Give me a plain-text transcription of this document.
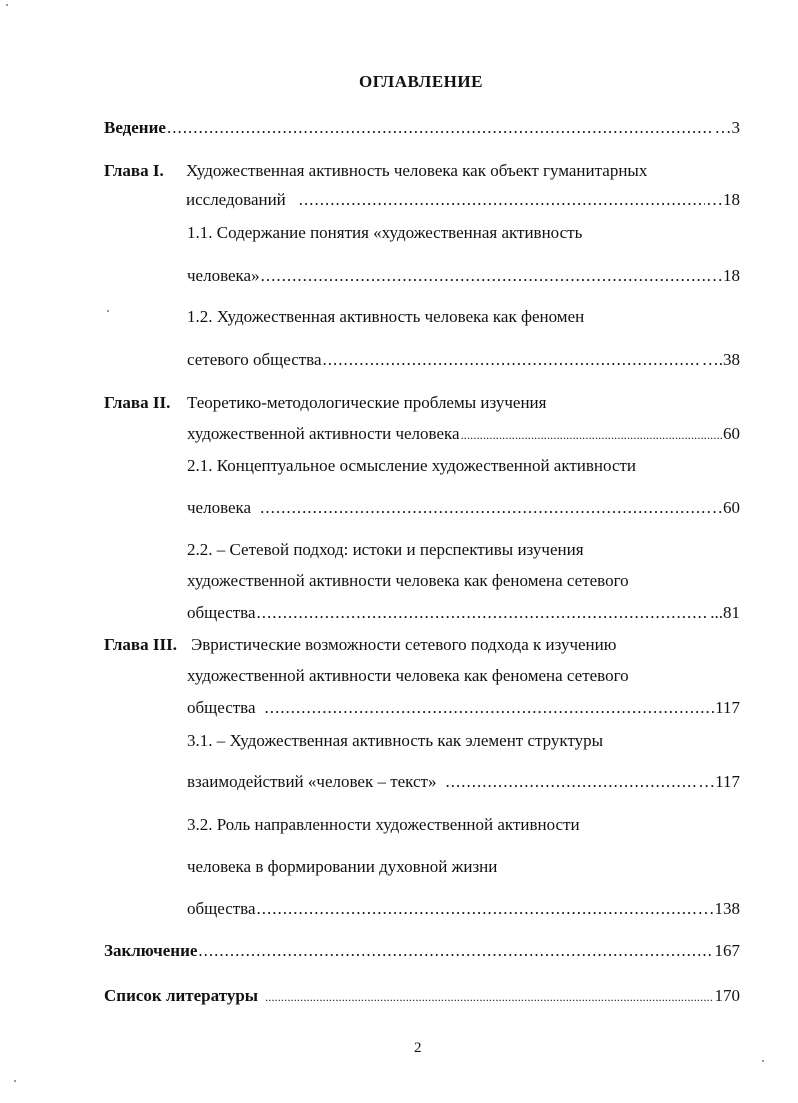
ОГЛАВЛЕНИЕ
Ведение .....	…3
Глава I. Художественная активность человека как объект гуманитарных
исследований .....	…18
1.1. Содержание понятия «художественная активность
человека» .....	…18
1.2. Художественная активность человека как феномен
сетевого общества .....	….38
Глава II. Теоретико-методологические проблемы изучения
художественной активности человека .....	60
2.1. Концептуальное осмысление художественной активности
человека .....	…60
2.2. – Сетевой подход: истоки и перспективы изучения
художественной активности человека как феномена сетевого
общества .....	...81
Глава III. Эвристические возможности сетевого подхода к изучению
художественной активности человека как феномена сетевого
общества .....	117
3.1. – Художественная активность как элемент структуры
взаимодействий «человек – текст» .....	…117
3.2. Роль направленности художественной активности
человека в формировании духовной жизни
общества .....	…138
Заключение .....	167
Список литературы .....	170
2
